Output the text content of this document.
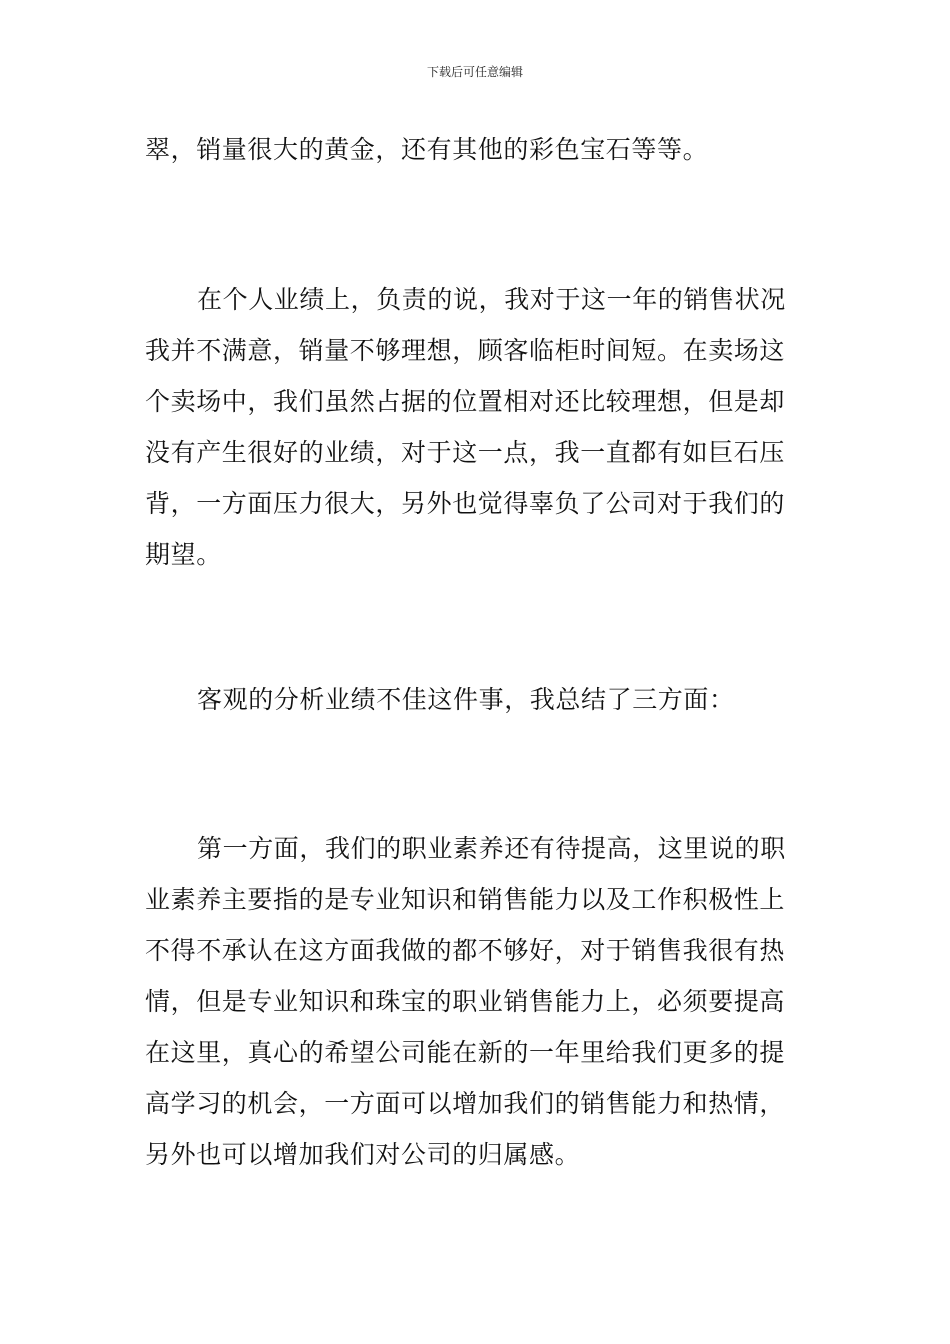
下载后可任意编辑

翠，销量很大的黄金，还有其他的彩色宝石等等。

在个人业绩上，负责的说，我对于这一年的销售状况
我并不满意，销量不够理想，顾客临柜时间短。在卖场这
个卖场中，我们虽然占据的位置相对还比较理想，但是却
没有产生很好的业绩，对于这一点，我一直都有如巨石压
背，一方面压力很大，另外也觉得辜负了公司对于我们的
期望。

客观的分析业绩不佳这件事，我总结了三方面：

第一方面，我们的职业素养还有待提高，这里说的职
业素养主要指的是专业知识和销售能力以及工作积极性上
不得不承认在这方面我做的都不够好，对于销售我很有热
情，但是专业知识和珠宝的职业销售能力上，必须要提高
在这里，真心的希望公司能在新的一年里给我们更多的提
高学习的机会，一方面可以增加我们的销售能力和热情，
另外也可以增加我们对公司的归属感。
